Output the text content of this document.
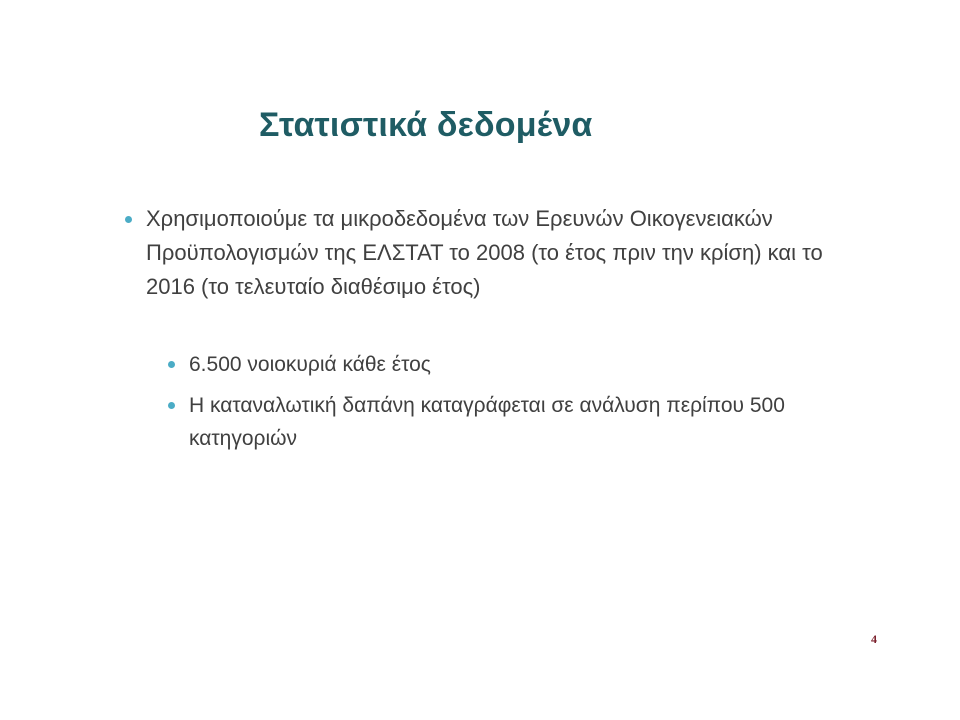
Στατιστικά δεδομένα
Χρησιμοποιούμε τα μικροδεδομένα των Ερευνών Οικογενειακών Προϋπολογισμών της ΕΛΣΤΑΤ το 2008 (το έτος πριν την κρίση) και το 2016 (το τελευταίο διαθέσιμο έτος)
6.500 νοιοκυριά κάθε έτος
Η καταναλωτική δαπάνη καταγράφεται σε ανάλυση περίπου 500 κατηγοριών
4
